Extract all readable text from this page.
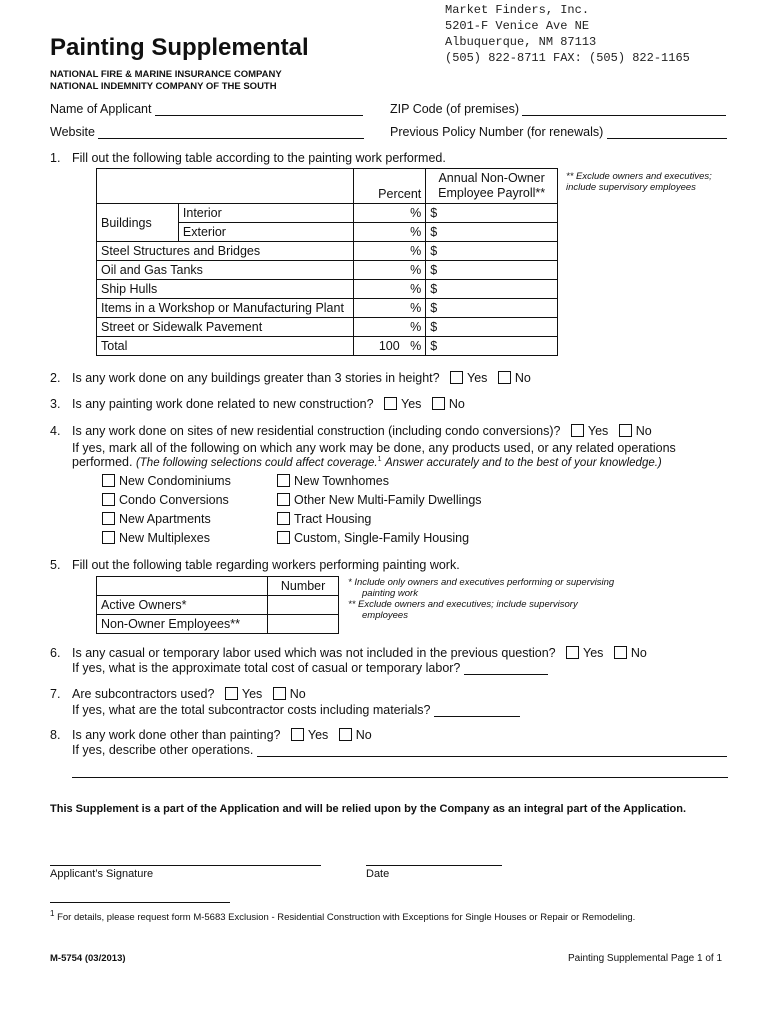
Market Finders, Inc.
5201-F Venice Ave NE
Albuquerque, NM 87113
(505) 822-8711 FAX: (505) 822-1165
Painting Supplemental
NATIONAL FIRE & MARINE INSURANCE COMPANY
NATIONAL INDEMNITY COMPANY OF THE SOUTH
Name of Applicant	ZIP Code (of premises)
Website	Previous Policy Number (for renewals)
1. Fill out the following table according to the painting work performed.
** Exclude owners and executives;
include supervisory employees
		Percent	Annual Non-Owner
Employee Payroll**

Buildings	Interior	%	$
	Exterior	%	$
Steel Structures and Bridges		%	$
Oil and Gas Tanks		%	$
Ship Hulls		%	$
Items in a Workshop or Manufacturing Plant		%	$
Street or Sidewalk Pavement		%	$
Total		100 %	$
2. Is any work done on any buildings greater than 3 stories in height? Yes No
3. Is any painting work done related to new construction? Yes No
4. Is any work done on sites of new residential construction (including condo conversions)? Yes No
If yes, mark all of the following on which any work may be done, any products used, or any related operations
performed. (The following selections could affect coverage.$^1$ Answer accurately and to the best of your knowledge.)
New Condominiums
Condo Conversions
New Apartments
New Multiplexes
New Townhomes
Other New Multi-Family Dwellings
Tract Housing
Custom, Single-Family Housing
5. Fill out the following table regarding workers performing painting work.
	Number
Active Owners*	
Non-Owner Employees**	
* Include only owners and executives performing or supervising
painting work
** Exclude owners and executives; include supervisory
employees
6. Is any casual or temporary labor used which was not included in the previous question? Yes No
If yes, what is the approximate total cost of casual or temporary labor?
7. Are subcontractors used? Yes No
If yes, what are the total subcontractor costs including materials?
8. Is any work done other than painting? Yes No
If yes, describe other operations.
This Supplement is a part of the Application and will be relied upon by the Company as an integral part of the Application.
Applicant’s Signature	Date
$^1$ For details, please request form M-5683 Exclusion - Residential Construction with Exceptions for Single Houses or Repair or Remodeling.
M-5754 (03/2013)	Painting Supplemental Page 1 of 1
